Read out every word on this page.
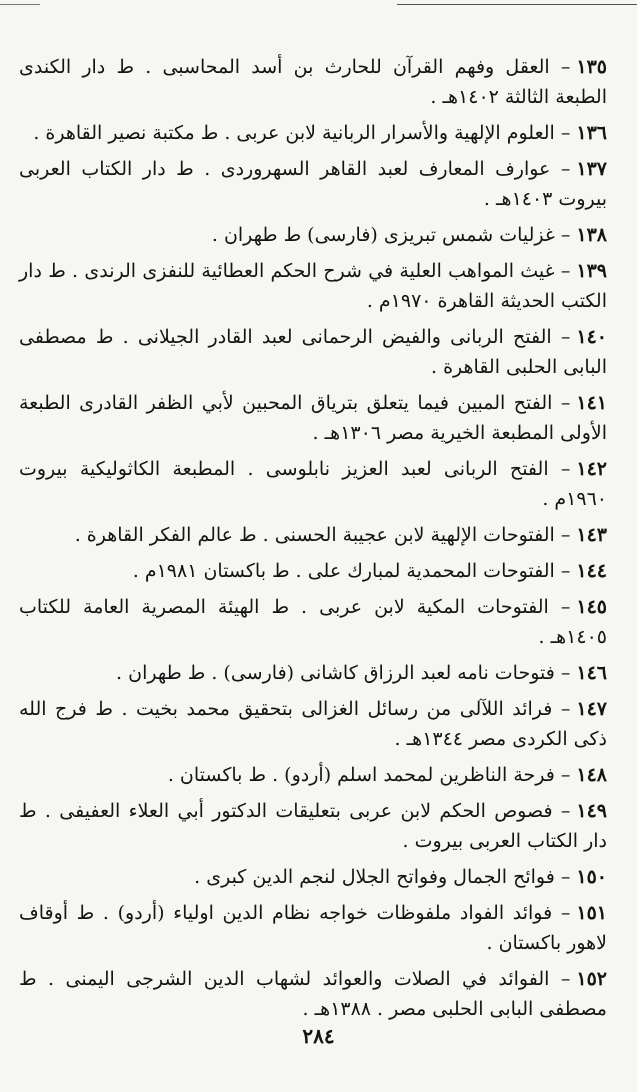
١٣٥– العقل وفهم القرآن للحارث بن أسد المحاسبى . ط دار الكندى الطبعة الثالثة ١٤٠٢هـ .

١٣٦– العلوم الإلهية والأسرار الربانية لابن عربى . ط مكتبة نصير القاهرة .

١٣٧– عوارف المعارف لعبد القاهر السهروردى . ط دار الكتاب العربى بيروت ١٤٠٣هـ .

١٣٨– غزليات شمس تبريزى (فارسى) ط طهران .

١٣٩– غيث المواهب العلية في شرح الحكم العطائية للنفزى الرندى . ط دار الكتب الحديثة القاهرة ١٩٧٠م .

١٤٠– الفتح الربانى والفيض الرحمانى لعبد القادر الجيلانى . ط مصطفى البابى الحلبى القاهرة .

١٤١– الفتح المبين فيما يتعلق بترياق المحبين لأبي الظفر القادرى الطبعة الأولى المطبعة الخيرية مصر ١٣٠٦هـ .

١٤٢– الفتح الربانى لعبد العزيز نابلوسى . المطبعة الكاثوليكية بيروت ١٩٦٠م .

١٤٣– الفتوحات الإلهية لابن عجيبة الحسنى . ط عالم الفكر القاهرة .

١٤٤– الفتوحات المحمدية لمبارك على . ط باكستان ١٩٨١م .

١٤٥– الفتوحات المكية لابن عربى . ط الهيئة المصرية العامة للكتاب ١٤٠٥هـ .

١٤٦– فتوحات نامه لعبد الرزاق كاشانى (فارسى) . ط طهران .

١٤٧– فرائد اللآلى من رسائل الغزالى بتحقيق محمد بخيت . ط فرج الله ذكى الكردى مصر ١٣٤٤هـ .

١٤٨– فرحة الناظرين لمحمد اسلم (أردو) . ط باكستان .

١٤٩– فصوص الحكم لابن عربى بتعليقات الدكتور أبي العلاء العفيفى . ط دار الكتاب العربى بيروت .

١٥٠– فوائح الجمال وفواتح الجلال لنجم الدين كبرى .

١٥١– فوائد الفواد ملفوظات خواجه نظام الدين اولياء (أردو) . ط أوقاف لاهور باكستان .

١٥٢– الفوائد في الصلات والعوائد لشهاب الدين الشرجى اليمنى . ط مصطفى البابى الحلبى مصر . ١٣٨٨هـ .

٢٨٤
